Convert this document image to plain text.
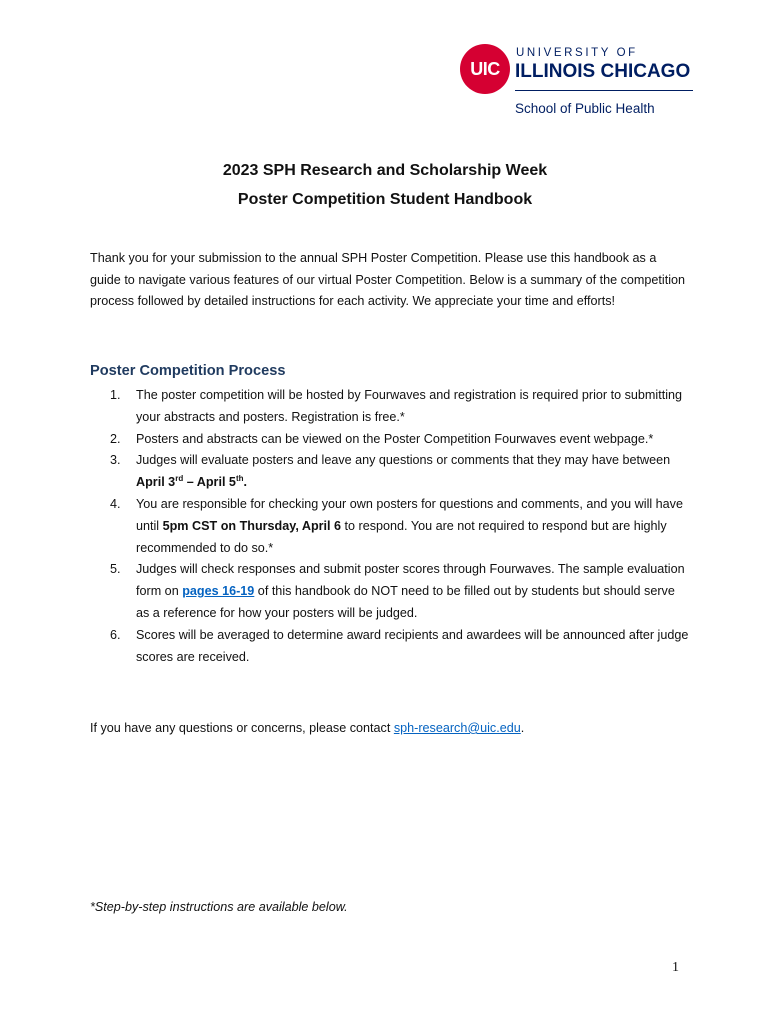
UIC
UNIVERSITY OF
ILLINOIS CHICAGO
School of Public Health
2023 SPH Research and Scholarship Week
Poster Competition Student Handbook

Thank you for your submission to the annual SPH Poster Competition. Please use this handbook as a guide to navigate various features of our virtual Poster Competition. Below is a summary of the competition process followed by detailed instructions for each activity. We appreciate your time and efforts!

Poster Competition Process
1. The poster competition will be hosted by Fourwaves and registration is required prior to submitting your abstracts and posters. Registration is free.*
2. Posters and abstracts can be viewed on the Poster Competition Fourwaves event webpage.*
3. Judges will evaluate posters and leave any questions or comments that they may have between April 3rd – April 5th.
4. You are responsible for checking your own posters for questions and comments, and you will have until 5pm CST on Thursday, April 6 to respond. You are not required to respond but are highly recommended to do so.*
5. Judges will check responses and submit poster scores through Fourwaves. The sample evaluation form on pages 16-19 of this handbook do NOT need to be filled out by students but should serve as a reference for how your posters will be judged.
6. Scores will be averaged to determine award recipients and awardees will be announced after judge scores are received.

If you have any questions or concerns, please contact sph-research@uic.edu.

*Step-by-step instructions are available below.

1
